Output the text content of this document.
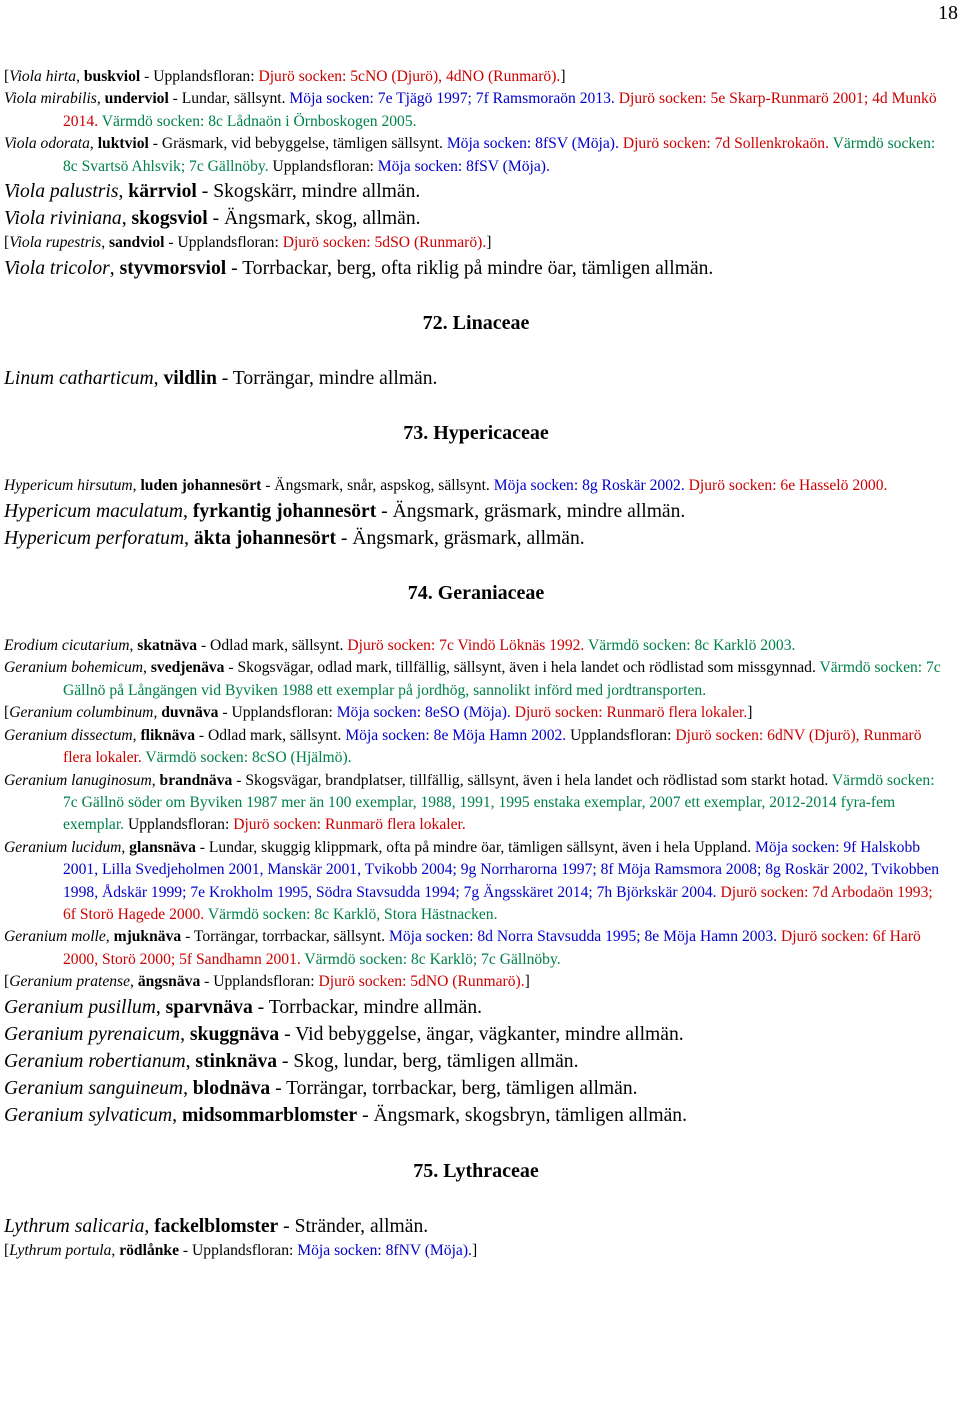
18

[Viola hirta, buskviol - Upplandsfloran: Djurö socken: 5cNO (Djurö), 4dNO (Runmarö).]

Viola mirabilis, underviol - Lundar, sällsynt. Möja socken: 7e Tjägö 1997; 7f Ramsmoraön 2013. Djurö socken: 5e Skarp-Runmarö 2001; 4d Munkö 2014. Värmdö socken: 8c Lådnaön i Örnboskogen 2005.

Viola odorata, luktviol - Gräsmark, vid bebyggelse, tämligen sällsynt. Möja socken: 8fSV (Möja). Djurö socken: 7d Sollenkrokaön. Värmdö socken: 8c Svartsö Ahlsvik; 7c Gällnöby. Upplandsfloran: Möja socken: 8fSV (Möja).

Viola palustris, kärrviol - Skogskärr, mindre allmän.

Viola riviniana, skogsviol - Ängsmark, skog, allmän.

[Viola rupestris, sandviol - Upplandsfloran: Djurö socken: 5dSO (Runmarö).]

Viola tricolor, styvmorsviol - Torrbackar, berg, ofta riklig på mindre öar, tämligen allmän.

72. Linaceae

Linum catharticum, vildlin - Torrängar, mindre allmän.

73. Hypericaceae

Hypericum hirsutum, luden johannesört - Ängsmark, snår, aspskog, sällsynt. Möja socken: 8g Roskär 2002. Djurö socken: 6e Hasselö 2000.

Hypericum maculatum, fyrkantig johannesört - Ängsmark, gräsmark, mindre allmän.

Hypericum perforatum, äkta johannesört - Ängsmark, gräsmark, allmän.

74. Geraniaceae

Erodium cicutarium, skatnäva - Odlad mark, sällsynt. Djurö socken: 7c Vindö Löknäs 1992. Värmdö socken: 8c Karklö 2003.

Geranium bohemicum, svedjenäva - Skogsvägar, odlad mark, tillfällig, sällsynt, även i hela landet och rödlistad som missgynnad. Värmdö socken: 7c Gällnö på Långängen vid Byviken 1988 ett exemplar på jordhög, sannolikt införd med jordtransporten.

[Geranium columbinum, duvnäva - Upplandsfloran: Möja socken: 8eSO (Möja). Djurö socken: Runmarö flera lokaler.]

Geranium dissectum, fliknäva - Odlad mark, sällsynt. Möja socken: 8e Möja Hamn 2002. Upplandsfloran: Djurö socken: 6dNV (Djurö), Runmarö flera lokaler. Värmdö socken: 8cSO (Hjälmö).

Geranium lanuginosum, brandnäva - Skogsvägar, brandplatser, tillfällig, sällsynt, även i hela landet och rödlistad som starkt hotad. Värmdö socken: 7c Gällnö söder om Byviken 1987 mer än 100 exemplar, 1988, 1991, 1995 enstaka exemplar, 2007 ett exemplar, 2012-2014 fyra-fem exemplar. Upplandsfloran: Djurö socken: Runmarö flera lokaler.

Geranium lucidum, glansnäva - Lundar, skuggig klippmark, ofta på mindre öar, tämligen sällsynt, även i hela Uppland. Möja socken: 9f Halskobb 2001, Lilla Svedjeholmen 2001, Manskär 2001, Tvikobb 2004; 9g Norrharorna 1997; 8f Möja Ramsmora 2008; 8g Roskär 2002, Tvikobben 1998, Ådskär 1999; 7e Krokholm 1995, Södra Stavsudda 1994; 7g Ängsskäret 2014; 7h Björkskär 2004. Djurö socken: 7d Arbodaön 1993; 6f Storö Hagede 2000. Värmdö socken: 8c Karklö, Stora Hästnacken.

Geranium molle, mjuknäva - Torrängar, torrbackar, sällsynt. Möja socken: 8d Norra Stavsudda 1995; 8e Möja Hamn 2003. Djurö socken: 6f Harö 2000, Storö 2000; 5f Sandhamn 2001. Värmdö socken: 8c Karklö; 7c Gällnöby.

[Geranium pratense, ängsnäva - Upplandsfloran: Djurö socken: 5dNO (Runmarö).]

Geranium pusillum, sparvnäva - Torrbackar, mindre allmän.

Geranium pyrenaicum, skuggnäva - Vid bebyggelse, ängar, vägkanter, mindre allmän.

Geranium robertianum, stinknäva - Skog, lundar, berg, tämligen allmän.

Geranium sanguineum, blodnäva - Torrängar, torrbackar, berg, tämligen allmän.

Geranium sylvaticum, midsommarblomster - Ängsmark, skogsbryn, tämligen allmän.

75. Lythraceae

Lythrum salicaria, fackelblomster - Stränder, allmän.

[Lythrum portula, rödlånke - Upplandsfloran: Möja socken: 8fNV (Möja).]
